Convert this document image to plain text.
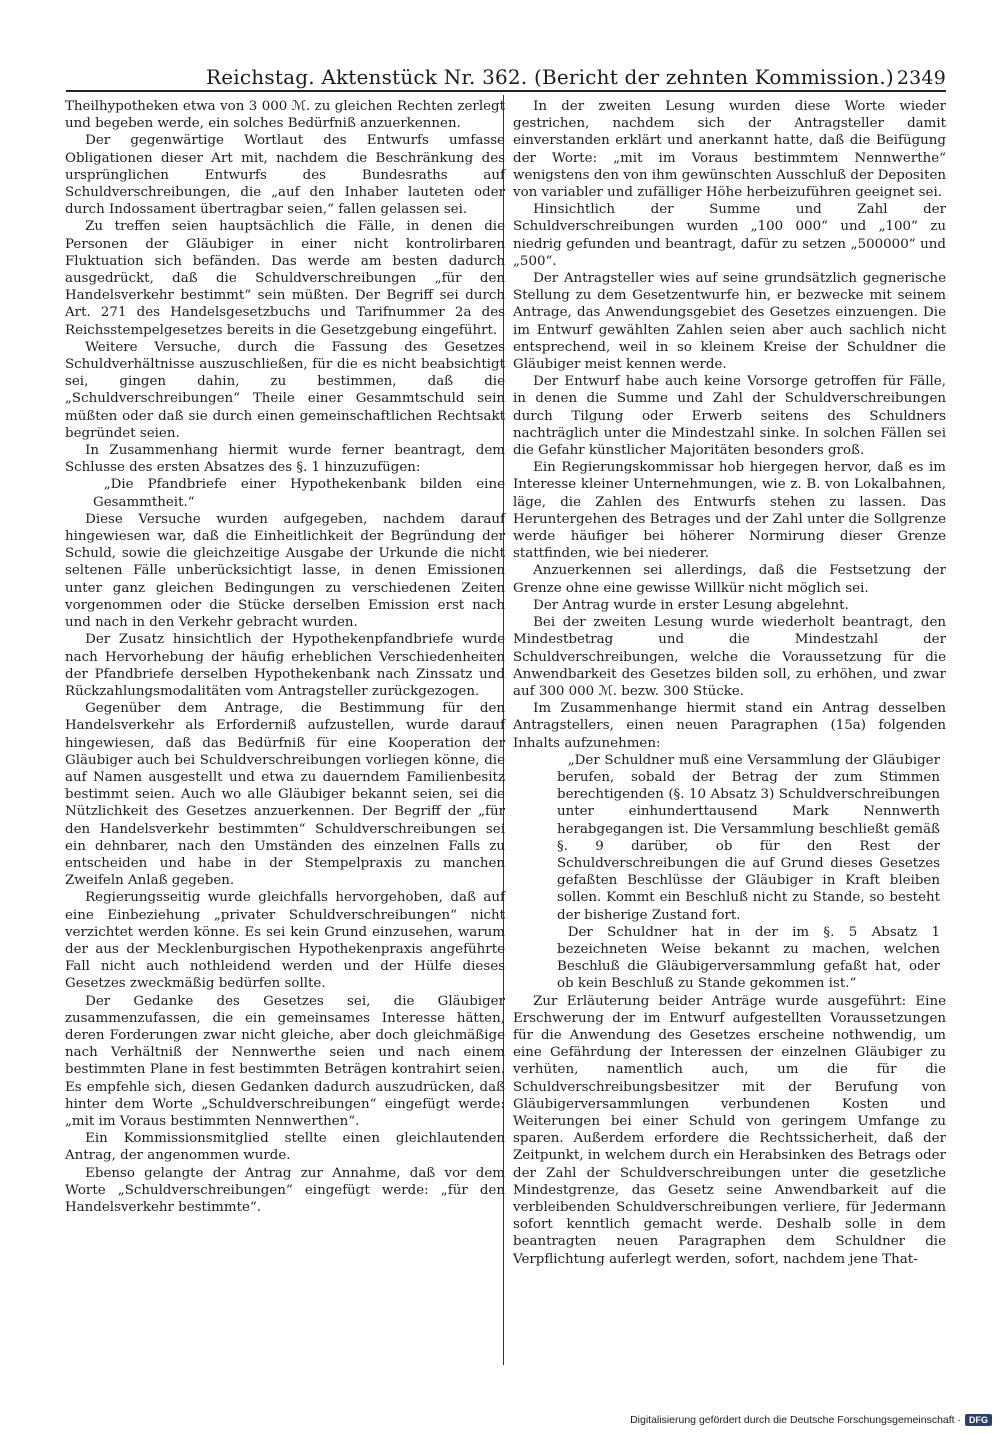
Reichstag. Aktenstück Nr. 362. (Bericht der zehnten Kommission.) 2349

Theilhypotheken etwa von 3 000 ℳ. zu gleichen Rechten zerlegt und begeben werde, ein solches Bedürfniß anzuerkennen.

Der gegenwärtige Wortlaut des Entwurfs umfasse Obligationen dieser Art mit, nachdem die Beschränkung des ursprünglichen Entwurfs des Bundesraths auf Schuldverschreibungen, die „auf den Inhaber lauteten oder durch Indossament übertragbar seien,“ fallen gelassen sei.

Zu treffen seien hauptsächlich die Fälle, in denen die Personen der Gläubiger in einer nicht kontrolirbaren Fluktuation sich befänden. Das werde am besten dadurch ausgedrückt, daß die Schuldverschreibungen „für den Handelsverkehr bestimmt“ sein müßten. Der Begriff sei durch Art. 271 des Handelsgesetzbuchs und Tarifnummer 2a des Reichsstempelgesetzes bereits in die Gesetzgebung eingeführt.

Weitere Versuche, durch die Fassung des Gesetzes Schuldverhältnisse auszuschließen, für die es nicht beabsichtigt sei, gingen dahin, zu bestimmen, daß die „Schuldverschreibungen“ Theile einer Gesammtschuld sein müßten oder daß sie durch einen gemeinschaftlichen Rechtsakt begründet seien.

In Zusammenhang hiermit wurde ferner beantragt, dem Schlusse des ersten Absatzes des §. 1 hinzuzufügen:

„Die Pfandbriefe einer Hypothekenbank bilden eine Gesammtheit.“

Diese Versuche wurden aufgegeben, nachdem darauf hingewiesen war, daß die Einheitlichkeit der Begründung der Schuld, sowie die gleichzeitige Ausgabe der Urkunde die nicht seltenen Fälle unberücksichtigt lasse, in denen Emissionen unter ganz gleichen Bedingungen zu verschiedenen Zeiten vorgenommen oder die Stücke derselben Emission erst nach und nach in den Verkehr gebracht wurden.

Der Zusatz hinsichtlich der Hypothekenpfandbriefe wurde nach Hervorhebung der häufig erheblichen Verschiedenheiten der Pfandbriefe derselben Hypothekenbank nach Zinssatz und Rückzahlungsmodalitäten vom Antragsteller zurückgezogen.

Gegenüber dem Antrage, die Bestimmung für den Handelsverkehr als Erforderniß aufzustellen, wurde darauf hingewiesen, daß das Bedürfniß für eine Kooperation der Gläubiger auch bei Schuldverschreibungen vorliegen könne, die auf Namen ausgestellt und etwa zu dauerndem Familienbesitz bestimmt seien. Auch wo alle Gläubiger bekannt seien, sei die Nützlichkeit des Gesetzes anzuerkennen. Der Begriff der „für den Handelsverkehr bestimmten“ Schuldverschreibungen sei ein dehnbarer, nach den Umständen des einzelnen Falls zu entscheiden und habe in der Stempelpraxis zu manchen Zweifeln Anlaß gegeben.

Regierungsseitig wurde gleichfalls hervorgehoben, daß auf eine Einbeziehung „privater Schuldverschreibungen“ nicht verzichtet werden könne. Es sei kein Grund einzusehen, warum der aus der Mecklenburgischen Hypothekenpraxis angeführte Fall nicht auch nothleidend werden und der Hülfe dieses Gesetzes zweckmäßig bedürfen sollte.

Der Gedanke des Gesetzes sei, die Gläubiger zusammenzufassen, die ein gemeinsames Interesse hätten, deren Forderungen zwar nicht gleiche, aber doch gleichmäßige nach Verhältniß der Nennwerthe seien und nach einem bestimmten Plane in fest bestimmten Beträgen kontrahirt seien. Es empfehle sich, diesen Gedanken dadurch auszudrücken, daß hinter dem Worte „Schuldverschreibungen“ eingefügt werde: „mit im Voraus bestimmten Nennwerthen“.

Ein Kommissionsmitglied stellte einen gleichlautenden Antrag, der angenommen wurde.

Ebenso gelangte der Antrag zur Annahme, daß vor dem Worte „Schuldverschreibungen“ eingefügt werde: „für den Handelsverkehr bestimmte“.

In der zweiten Lesung wurden diese Worte wieder gestrichen, nachdem sich der Antragsteller damit einverstanden erklärt und anerkannt hatte, daß die Beifügung der Worte: „mit im Voraus bestimmtem Nennwerthe“ wenigstens den von ihm gewünschten Ausschluß der Depositen von variabler und zufälliger Höhe herbeizuführen geeignet sei.

Hinsichtlich der Summe und Zahl der Schuldverschreibungen wurden „100 000“ und „100“ zu niedrig gefunden und beantragt, dafür zu setzen „500000“ und „500“.

Der Antragsteller wies auf seine grundsätzlich gegnerische Stellung zu dem Gesetzentwurfe hin, er bezwecke mit seinem Antrage, das Anwendungsgebiet des Gesetzes einzuengen. Die im Entwurf gewählten Zahlen seien aber auch sachlich nicht entsprechend, weil in so kleinem Kreise der Schuldner die Gläubiger meist kennen werde.

Der Entwurf habe auch keine Vorsorge getroffen für Fälle, in denen die Summe und Zahl der Schuldverschreibungen durch Tilgung oder Erwerb seitens des Schuldners nachträglich unter die Mindestzahl sinke. In solchen Fällen sei die Gefahr künstlicher Majoritäten besonders groß.

Ein Regierungskommissar hob hiergegen hervor, daß es im Interesse kleiner Unternehmungen, wie z. B. von Lokalbahnen, läge, die Zahlen des Entwurfs stehen zu lassen. Das Heruntergehen des Betrages und der Zahl unter die Sollgrenze werde häufiger bei höherer Normirung dieser Grenze stattfinden, wie bei niederer.

Anzuerkennen sei allerdings, daß die Festsetzung der Grenze ohne eine gewisse Willkür nicht möglich sei.

Der Antrag wurde in erster Lesung abgelehnt.

Bei der zweiten Lesung wurde wiederholt beantragt, den Mindestbetrag und die Mindestzahl der Schuldverschreibungen, welche die Voraussetzung für die Anwendbarkeit des Gesetzes bilden soll, zu erhöhen, und zwar auf 300 000 ℳ. bezw. 300 Stücke.

Im Zusammenhange hiermit stand ein Antrag desselben Antragstellers, einen neuen Paragraphen (15a) folgenden Inhalts aufzunehmen:

„Der Schuldner muß eine Versammlung der Gläubiger berufen, sobald der Betrag der zum Stimmen berechtigenden (§. 10 Absatz 3) Schuldverschreibungen unter einhunderttausend Mark Nennwerth herabgegangen ist. Die Versammlung beschließt gemäß §. 9 darüber, ob für den Rest der Schuldverschreibungen die auf Grund dieses Gesetzes gefaßten Beschlüsse der Gläubiger in Kraft bleiben sollen. Kommt ein Beschluß nicht zu Stande, so besteht der bisherige Zustand fort.

Der Schuldner hat in der im §. 5 Absatz 1 bezeichneten Weise bekannt zu machen, welchen Beschluß die Gläubigerversammlung gefaßt hat, oder ob kein Beschluß zu Stande gekommen ist.“

Zur Erläuterung beider Anträge wurde ausgeführt: Eine Erschwerung der im Entwurf aufgestellten Voraussetzungen für die Anwendung des Gesetzes erscheine nothwendig, um eine Gefährdung der Interessen der einzelnen Gläubiger zu verhüten, namentlich auch, um die für die Schuldverschreibungsbesitzer mit der Berufung von Gläubigerversammlungen verbundenen Kosten und Weiterungen bei einer Schuld von geringem Umfange zu sparen. Außerdem erfordere die Rechtssicherheit, daß der Zeitpunkt, in welchem durch ein Herabsinken des Betrags oder der Zahl der Schuldverschreibungen unter die gesetzliche Mindestgrenze, das Gesetz seine Anwendbarkeit auf die verbleibenden Schuldverschreibungen verliere, für Jedermann sofort kenntlich gemacht werde. Deshalb solle in dem beantragten neuen Paragraphen dem Schuldner die Verpflichtung auferlegt werden, sofort, nachdem jene That-

Digitalisierung gefördert durch die Deutsche Forschungsgemeinschaft · DFG
